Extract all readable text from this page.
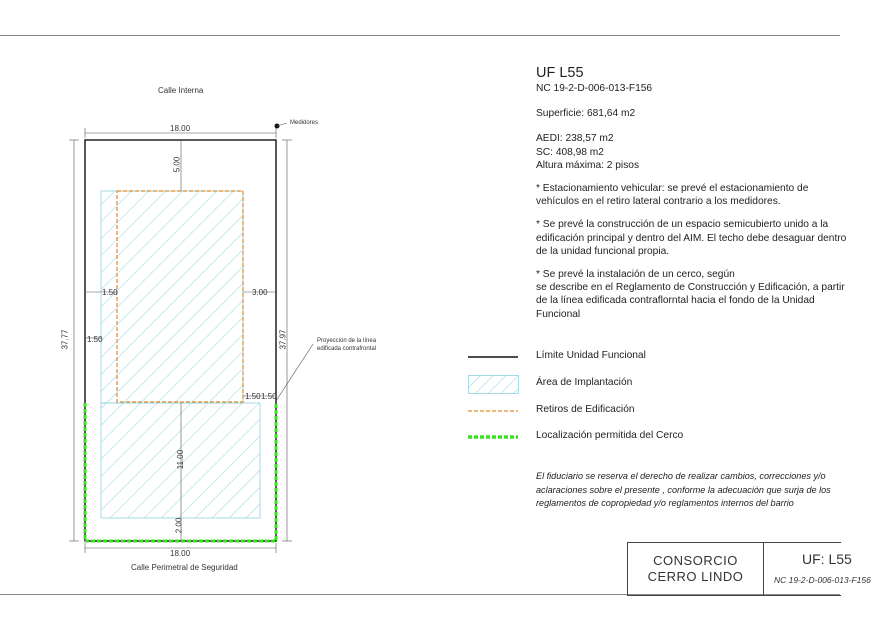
Calle Interna
Calle Perimetral de Seguridad
Medidores
Proyección de la línea
edificada contrafrontal
18.00
18.00
37.77	37.97
5.00
3.00
1.50
1.50
1.50 1.50
11.00
2.00

UF L55

NC 19-2-D-006-013-F156

Superficie: 681,64 m2

AEDI: 238,57 m2

SC: 408,98 m2

Altura máxima: 2 pisos

* Estacionamiento vehicular: se prevé el estacionamiento de

vehículos en el retiro lateral contrario a los medidores.

* Se prevé la construcción de un espacio semicubierto unido a la

edificación principal y dentro del AIM. El techo debe desaguar dentro

de la unidad funcional propia.

* Se prevé la instalación de un cerco, según

se describe en el Reglamento de Construcción y Edificación, a partir

de la línea edificada contraflorntal hacia el fondo de la Unidad

Funcional

Límite Unidad Funcional
Área de Implantación
Retiros de Edificación
Localización permitida del Cerco
El fiduciario se reserva el derecho de realizar cambios, correcciones y/o aclaraciones sobre el presente , conforme la adecuación que surja de los reglamentos de copropiedad y/o reglamentos internos del barrio
CONSORCIO
CERRO LINDO
UF: L55
NC 19-2-D-006-013-F156
